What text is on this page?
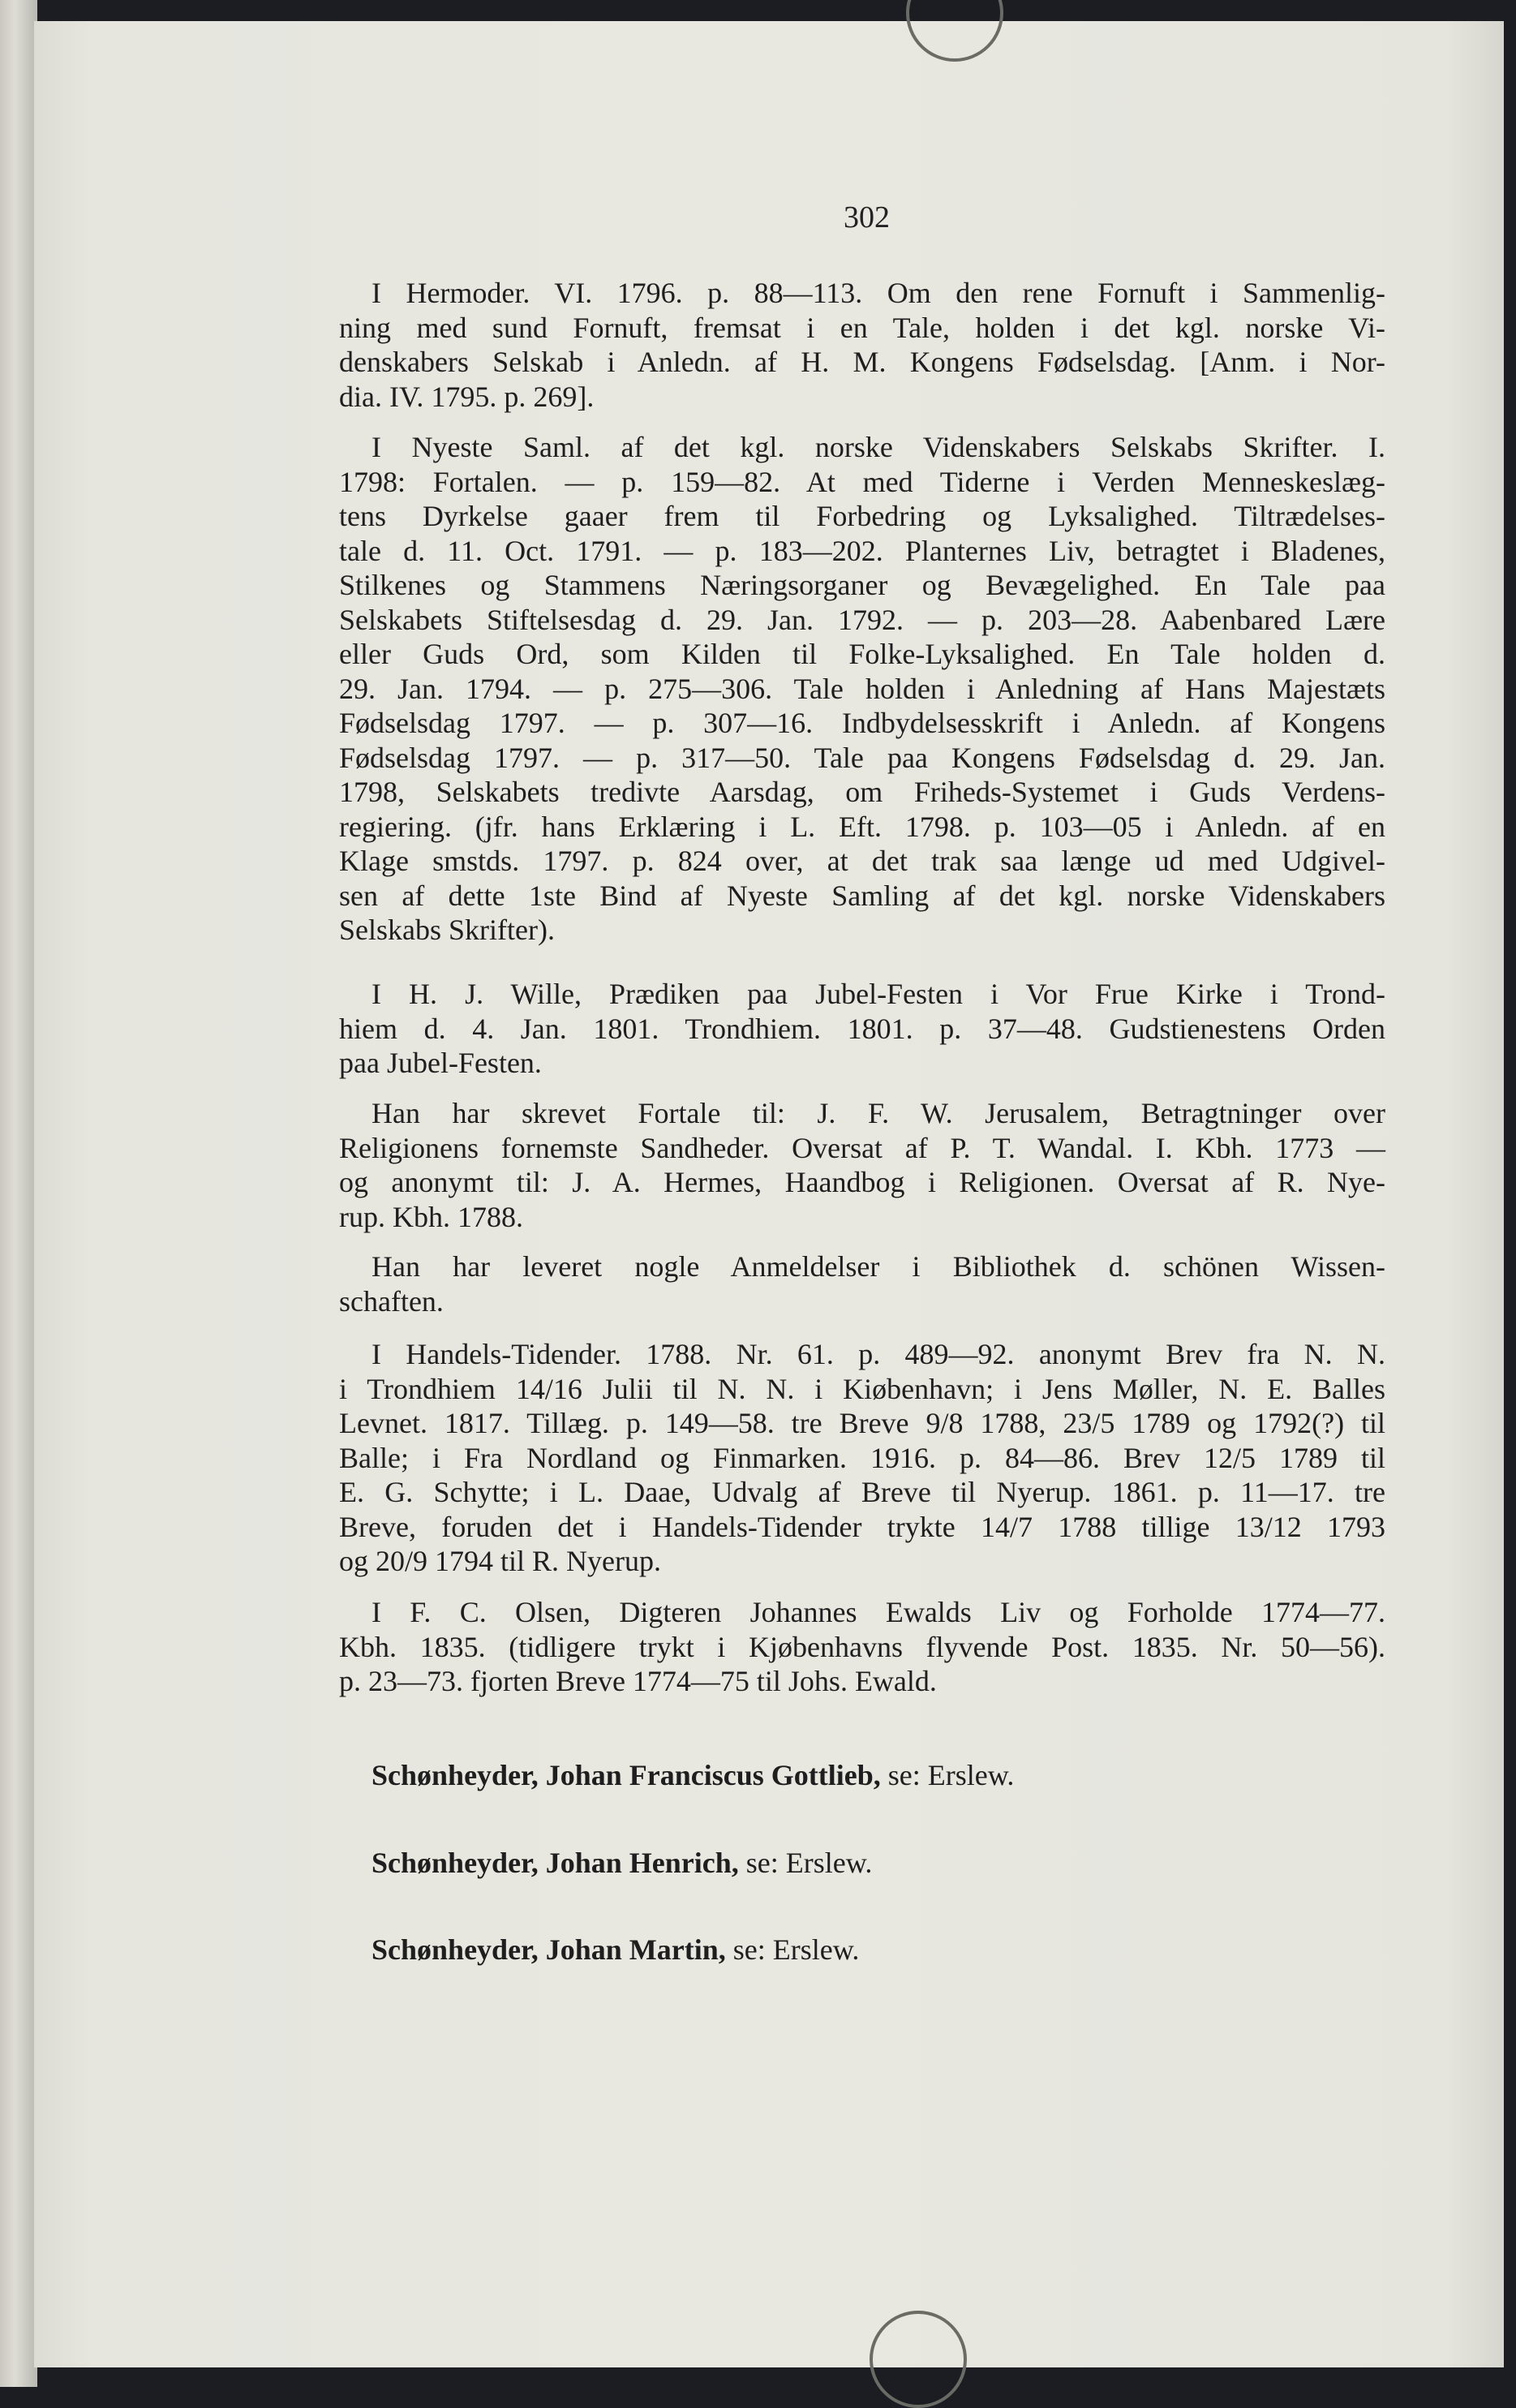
302
I Hermoder. VI. 1796. p. 88—113. Om den rene Fornuft i Sammenlig-
ning med sund Fornuft, fremsat i en Tale, holden i det kgl. norske Vi-
denskabers Selskab i Anledn. af H. M. Kongens Fødselsdag. [Anm. i Nor-
dia. IV. 1795. p. 269].
I Nyeste Saml. af det kgl. norske Videnskabers Selskabs Skrifter. I.
1798: Fortalen. — p. 159—82. At med Tiderne i Verden Menneskeslæg-
tens Dyrkelse gaaer frem til Forbedring og Lyksalighed. Tiltrædelses-
tale d. 11. Oct. 1791. — p. 183—202. Planternes Liv, betragtet i Bladenes,
Stilkenes og Stammens Næringsorganer og Bevægelighed. En Tale paa
Selskabets Stiftelsesdag d. 29. Jan. 1792. — p. 203—28. Aabenbared Lære
eller Guds Ord, som Kilden til Folke-Lyksalighed. En Tale holden d.
29. Jan. 1794. — p. 275—306. Tale holden i Anledning af Hans Majestæts
Fødselsdag 1797. — p. 307—16. Indbydelsesskrift i Anledn. af Kongens
Fødselsdag 1797. — p. 317—50. Tale paa Kongens Fødselsdag d. 29. Jan.
1798, Selskabets tredivte Aarsdag, om Friheds-Systemet i Guds Verdens-
regiering. (jfr. hans Erklæring i L. Eft. 1798. p. 103—05 i Anledn. af en
Klage smstds. 1797. p. 824 over, at det trak saa længe ud med Udgivel-
sen af dette 1ste Bind af Nyeste Samling af det kgl. norske Videnskabers
Selskabs Skrifter).
I H. J. Wille, Prædiken paa Jubel-Festen i Vor Frue Kirke i Trond-
hiem d. 4. Jan. 1801. Trondhiem. 1801. p. 37—48. Gudstienestens Orden
paa Jubel-Festen.
Han har skrevet Fortale til: J. F. W. Jerusalem, Betragtninger over
Religionens fornemste Sandheder. Oversat af P. T. Wandal. I. Kbh. 1773 —
og anonymt til: J. A. Hermes, Haandbog i Religionen. Oversat af R. Nye-
rup. Kbh. 1788.
Han har leveret nogle Anmeldelser i Bibliothek d. schönen Wissen-
schaften.
I Handels-Tidender. 1788. Nr. 61. p. 489—92. anonymt Brev fra N. N.
i Trondhiem 14/16 Julii til N. N. i Kiøbenhavn; i Jens Møller, N. E. Balles
Levnet. 1817. Tillæg. p. 149—58. tre Breve 9/8 1788, 23/5 1789 og 1792(?) til
Balle; i Fra Nordland og Finmarken. 1916. p. 84—86. Brev 12/5 1789 til
E. G. Schytte; i L. Daae, Udvalg af Breve til Nyerup. 1861. p. 11—17. tre
Breve, foruden det i Handels-Tidender trykte 14/7 1788 tillige 13/12 1793
og 20/9 1794 til R. Nyerup.
I F. C. Olsen, Digteren Johannes Ewalds Liv og Forholde 1774—77.
Kbh. 1835. (tidligere trykt i Kjøbenhavns flyvende Post. 1835. Nr. 50—56).
p. 23—73. fjorten Breve 1774—75 til Johs. Ewald.
Schønheyder, Johan Franciscus Gottlieb, se: Erslew.
Schønheyder, Johan Henrich, se: Erslew.
Schønheyder, Johan Martin, se: Erslew.
